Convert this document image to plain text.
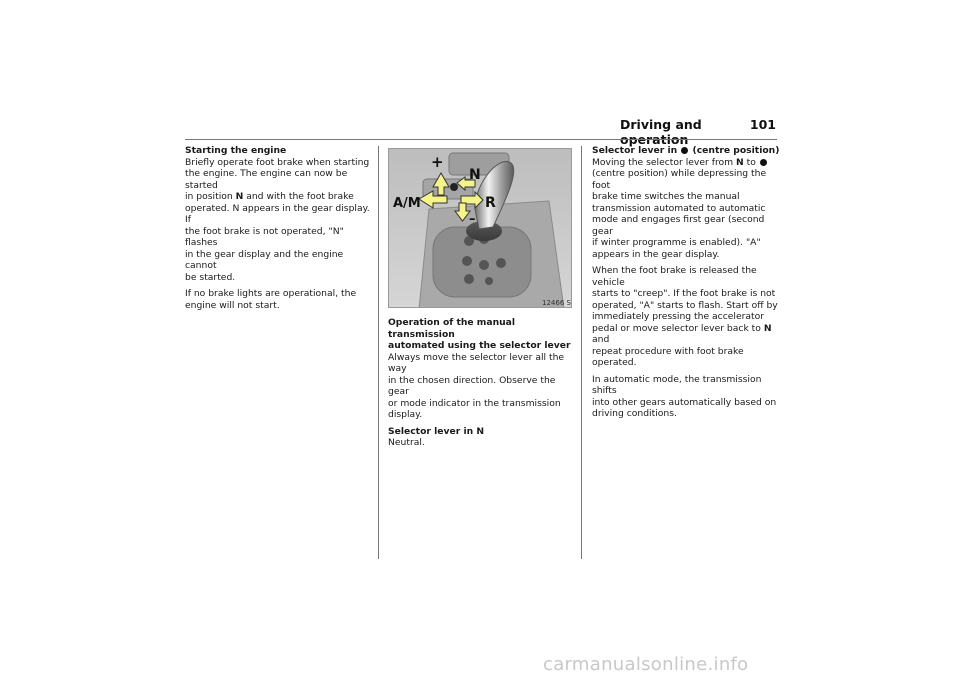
Driving and operation
101
Starting the engine

Briefly operate foot brake when starting
the engine. The engine can now be started
in position N and with the foot brake
operated. N appears in the gear display. If
the foot brake is not operated, "N" flashes
in the gear display and the engine cannot
be started.

If no brake lights are operational, the
engine will not start.

+
A/M
N
R
–
12466 S
Operation of the manual transmission
automated using the selector lever

Always move the selector lever all the way
in the chosen direction. Observe the gear
or mode indicator in the transmission
display.

Selector lever in N

Neutral.

Selector lever in  (centre position)

Moving the selector lever from N to
(centre position) while depressing the foot
brake time switches the manual
transmission automated to automatic
mode and engages first gear (second gear
if winter programme is enabled). "A"
appears in the gear display.

When the foot brake is released the vehicle
starts to "creep". If the foot brake is not
operated, "A" starts to flash. Start off by
immediately pressing the accelerator
pedal or move selector lever back to N and
repeat procedure with foot brake
operated.

In automatic mode, the transmission shifts
into other gears automatically based on
driving conditions.

carmanualsonline.info
